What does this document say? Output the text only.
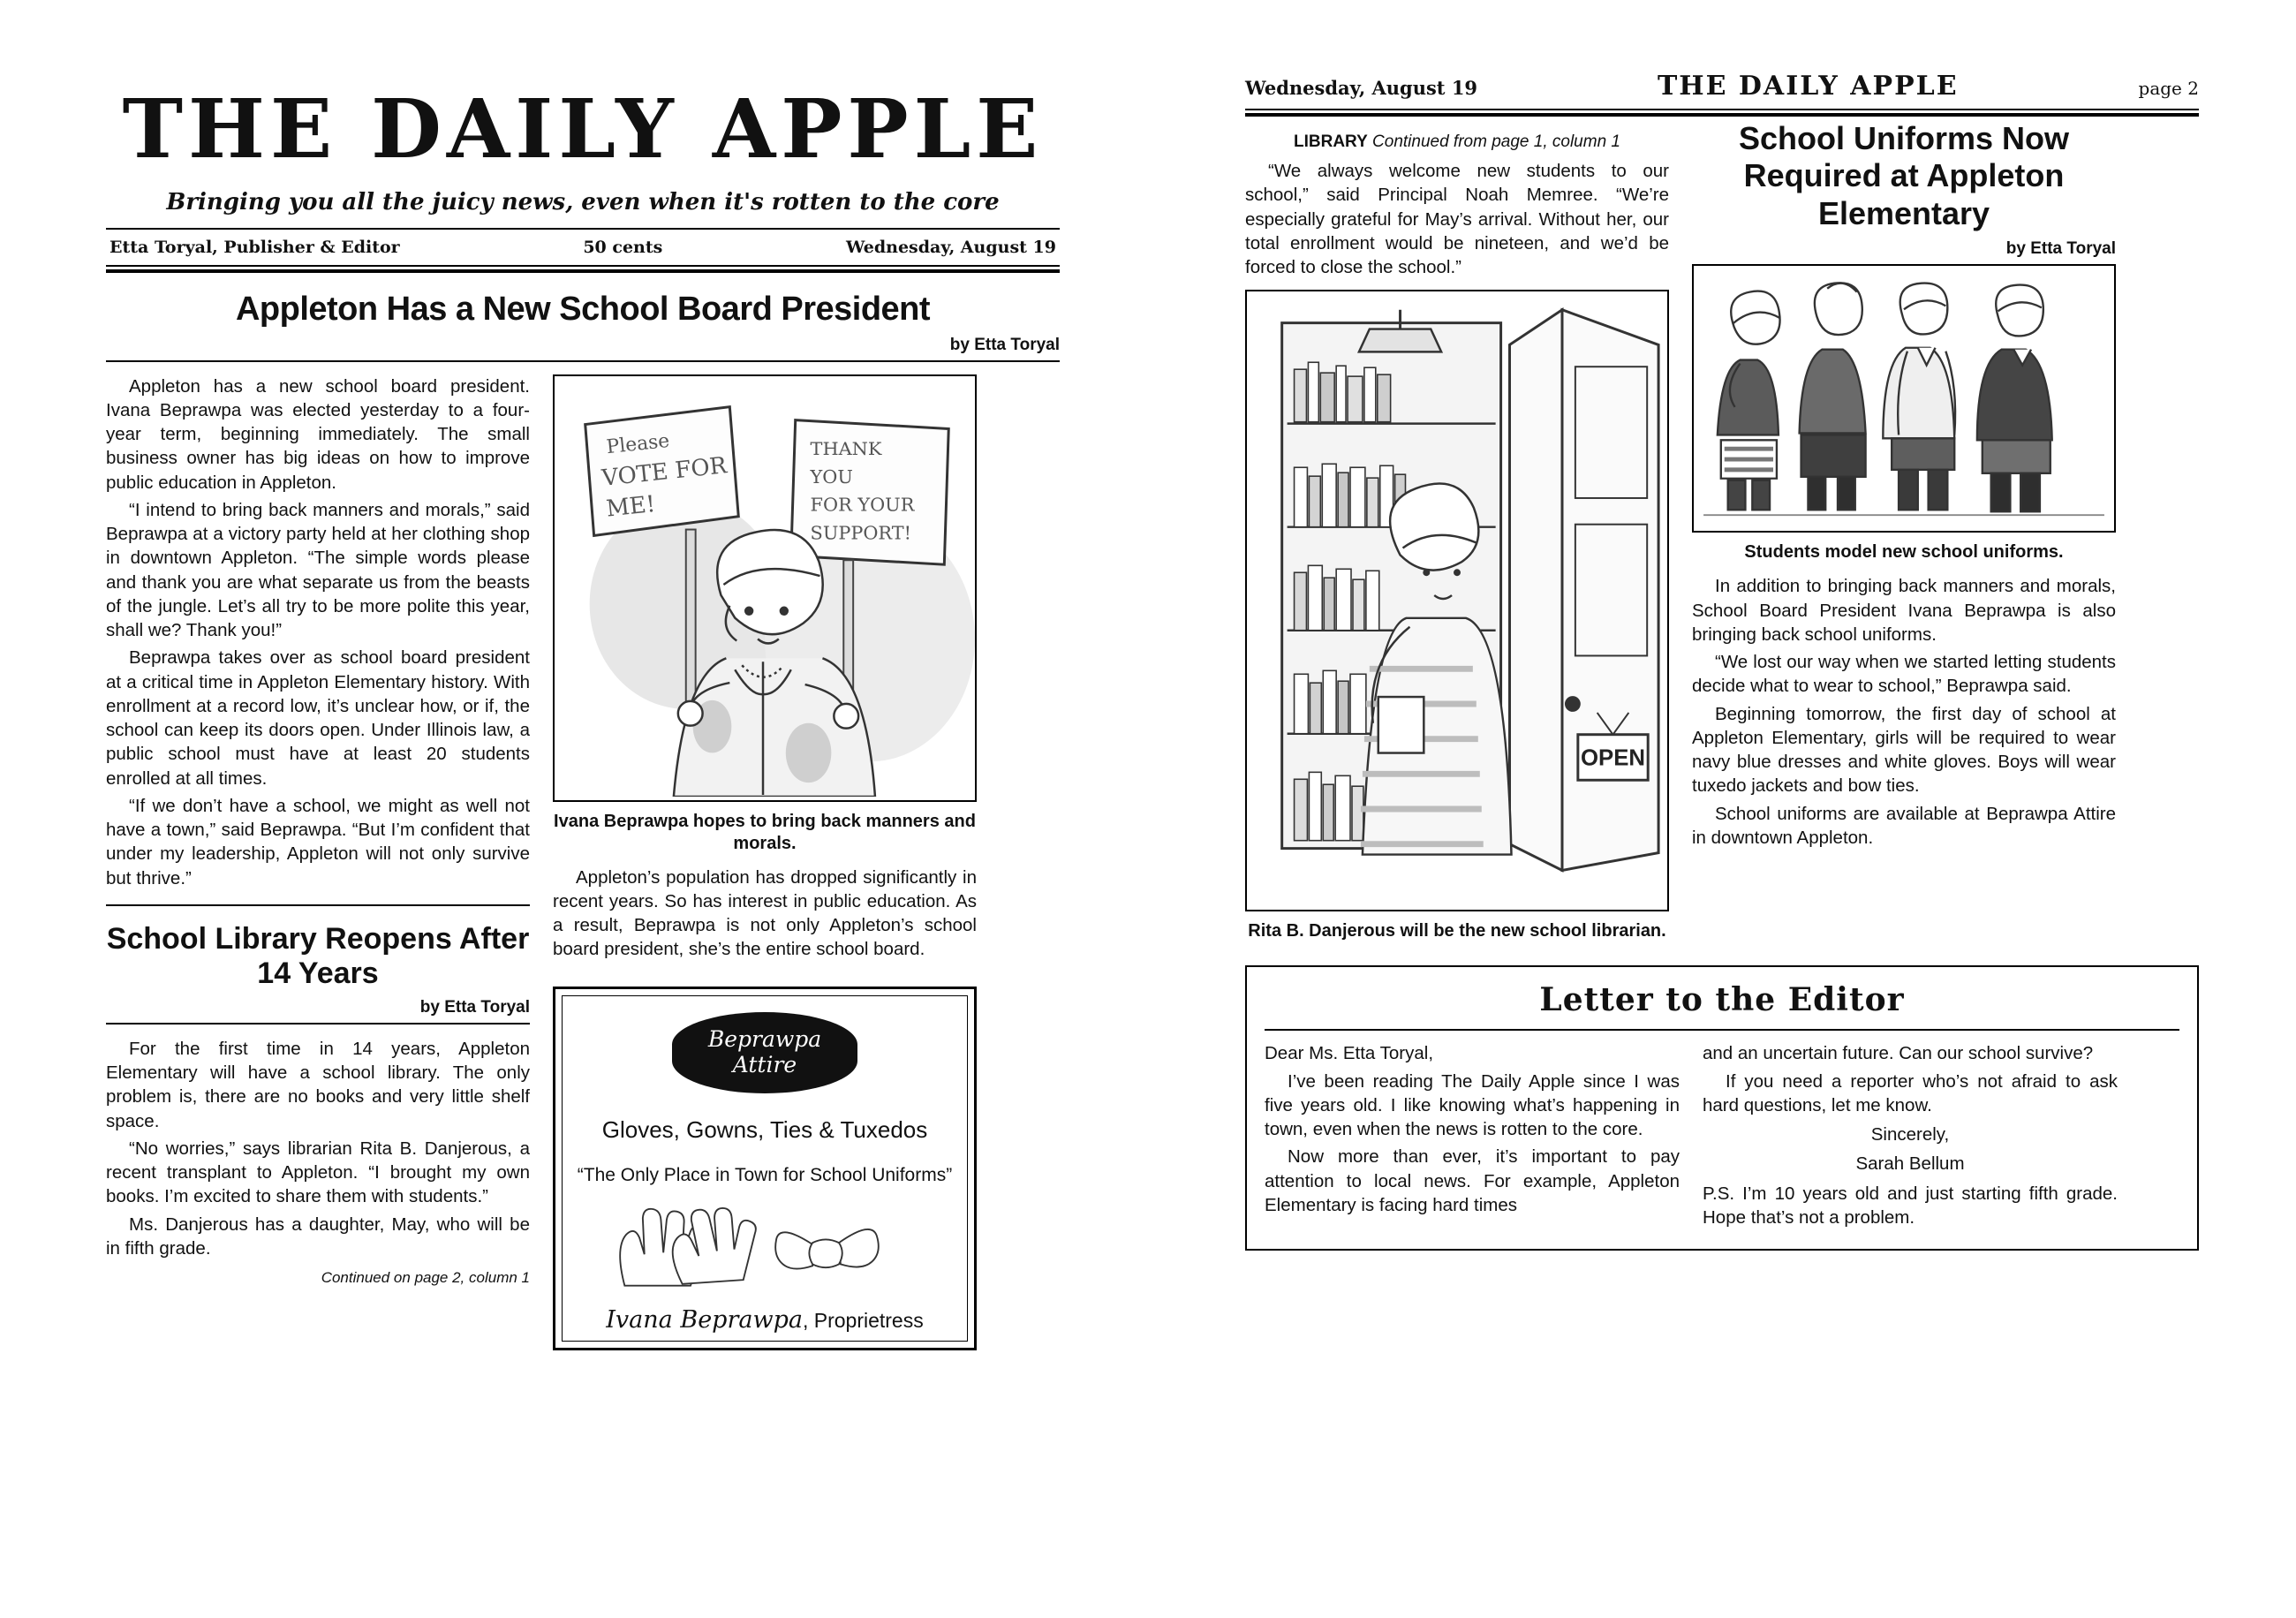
THE DAILY APPLE
Bringing you all the juicy news, even when it's rotten to the core
Etta Toryal, Publisher & Editor	50 cents	Wednesday, August 19
Appleton Has a New School Board President
by Etta Toryal

Appleton has a new school board president. Ivana Beprawpa was elected yesterday to a four-year term, beginning immediately. The small business owner has big ideas on how to improve public education in Appleton.

“I intend to bring back manners and morals,” said Beprawpa at a victory party held at her clothing shop in downtown Appleton. “The simple words please and thank you are what separate us from the beasts of the jungle. Let’s all try to be more polite this year, shall we? Thank you!”

Beprawpa takes over as school board president at a critical time in Appleton Elementary history. With enrollment at a record low, it’s unclear how, or if, the school can keep its doors open. Under Illinois law, a public school must have at least 20 students enrolled at all times.

“If we don’t have a school, we might as well not have a town,” said Beprawpa. “But I’m confident that under my leadership, Appleton will not only survive but thrive.”

School Library Reopens After 14 Years
by Etta Toryal

For the first time in 14 years, Appleton Elementary will have a school library. The only problem is, there are no books and very little shelf space.

“No worries,” says librarian Rita B. Danjerous, a recent transplant to Appleton. “I brought my own books. I’m excited to share them with students.”

Ms. Danjerous has a daughter, May, who will be in fifth grade.

Continued on page 2, column 1
Please
VOTE FOR
ME!
THANK
YOU
FOR YOUR
SUPPORT!
Ivana Beprawpa hopes to bring back manners and morals.

Appleton’s population has dropped significantly in recent years. So has interest in public education. As a result, Beprawpa is not only Appleton’s school board president, she’s the entire school board.

Beprawpa
Attire
Gloves, Gowns, Ties & Tuxedos
“The Only Place in Town for School Uniforms”
Ivana Beprawpa, Proprietress
Wednesday, August 19	THE DAILY APPLE	page 2
LIBRARY Continued from page 1, column 1

“We always welcome new students to our school,” said Principal Noah Memree. “We’re especially grateful for May’s arrival. Without her, our total enrollment would be nineteen, and we’d be forced to close the school.”

OPEN
Rita B. Danjerous will be the new school librarian.
School Uniforms Now Required at Appleton Elementary
by Etta Toryal
Students model new school uniforms.

In addition to bringing back manners and morals, School Board President Ivana Beprawpa is also bringing back school uniforms.

“We lost our way when we started letting students decide what to wear to school,” Beprawpa said.

Beginning tomorrow, the first day of school at Appleton Elementary, girls will be required to wear navy blue dresses and white gloves. Boys will wear tuxedo jackets and bow ties.

School uniforms are available at Beprawpa Attire in downtown Appleton.

Letter to the Editor

Dear Ms. Etta Toryal,

I’ve been reading The Daily Apple since I was five years old. I like knowing what’s happening in town, even when the news is rotten to the core.

Now more than ever, it’s important to pay attention to local news. For example, Appleton Elementary is facing hard times

and an uncertain future. Can our school survive?

If you need a reporter who’s not afraid to ask hard questions, let me know.

Sincerely,
Sarah Bellum

P.S. I’m 10 years old and just starting fifth grade. Hope that’s not a problem.
